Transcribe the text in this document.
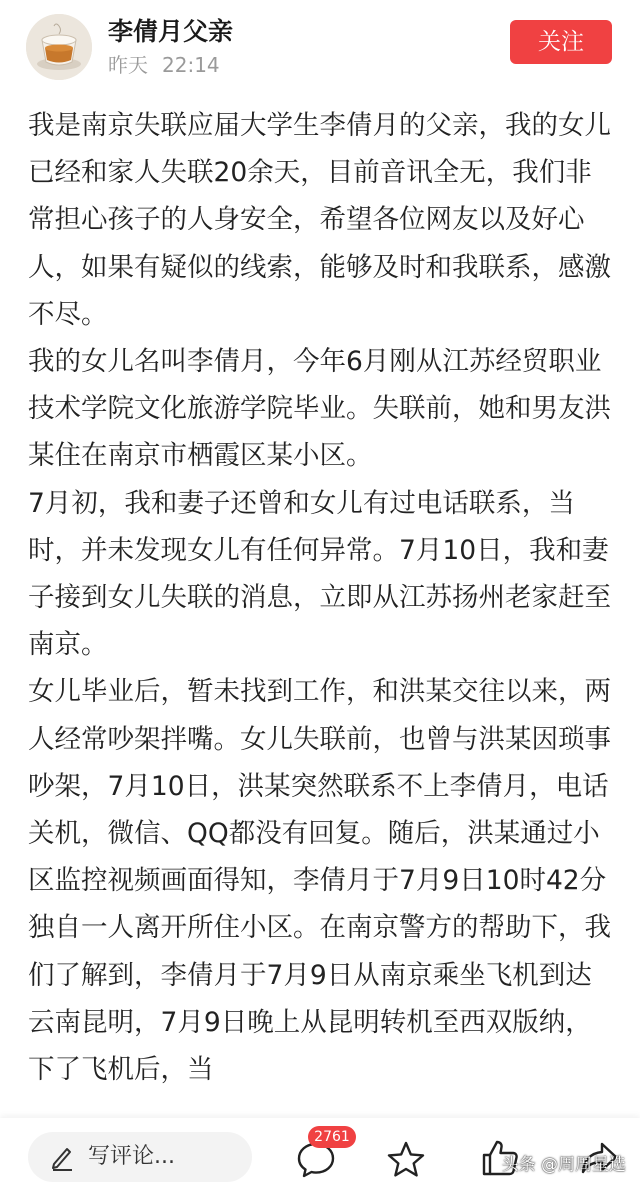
李倩月父亲
昨天 22:14
关注

我是南京失联应届大学生李倩月的父亲，我的女儿已经和家人失联20余天，目前音讯全无，我们非常担心孩子的人身安全，希望各位网友以及好心人，如果有疑似的线索，能够及时和我联系，感激不尽。

我的女儿名叫李倩月，今年6月刚从江苏经贸职业技术学院文化旅游学院毕业。失联前，她和男友洪某住在南京市栖霞区某小区。

7月初，我和妻子还曾和女儿有过电话联系，当时，并未发现女儿有任何异常。7月10日，我和妻子接到女儿失联的消息，立即从江苏扬州老家赶至南京。

女儿毕业后，暂未找到工作，和洪某交往以来，两人经常吵架拌嘴。女儿失联前，也曾与洪某因琐事吵架，7月10日，洪某突然联系不上李倩月，电话关机，微信、QQ都没有回复。随后，洪某通过小区监控视频画面得知，李倩月于7月9日10时42分独自一人离开所住小区。在南京警方的帮助下，我们了解到，李倩月于7月9日从南京乘坐飞机到达云南昆明，7月9日晚上从昆明转机至西双版纳，下了飞机后，当

写评论...
2761
头条 @周周星选
